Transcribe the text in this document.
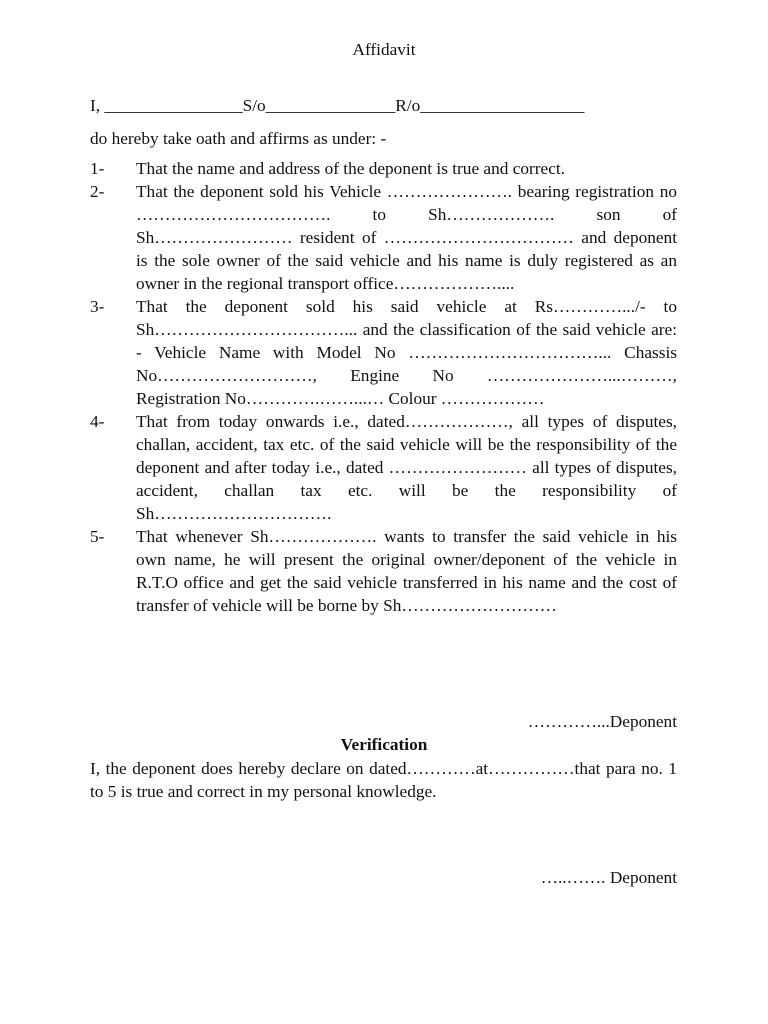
Affidavit
I, ________________S/o_______________R/o___________________
do hereby take oath and affirms as under: -
1-	That the name and address of the deponent is true and correct.
2-	That the deponent sold his Vehicle …………………. bearing registration no ……………………………. to Sh………………. son of Sh…………………… resident of …………………………… and deponent is the sole owner of the said vehicle and his name is duly registered as an owner in the regional transport office………………....
3-	That the deponent sold his said vehicle at Rs………….../- to Sh……………………………... and the classification of the said vehicle are: - Vehicle Name with Model No ……………………………... Chassis No………………………, Engine No …………………...………, Registration No………….……...… Colour ………………
4-	That from today onwards i.e., dated………………, all types of disputes, challan, accident, tax etc. of the said vehicle will be the responsibility of the deponent and after today i.e., dated …………………… all types of disputes, accident, challan tax etc. will be the responsibility of Sh………………………….
5-	That whenever Sh………………. wants to transfer the said vehicle in his own name, he will present the original owner/deponent of the vehicle in R.T.O office and get the said vehicle transferred in his name and the cost of transfer of vehicle will be borne by Sh………………………
…………...Deponent
Verification
I, the deponent does hereby declare on dated…………at……………that para no. 1 to 5 is true and correct in my personal knowledge.
…..……. Deponent
